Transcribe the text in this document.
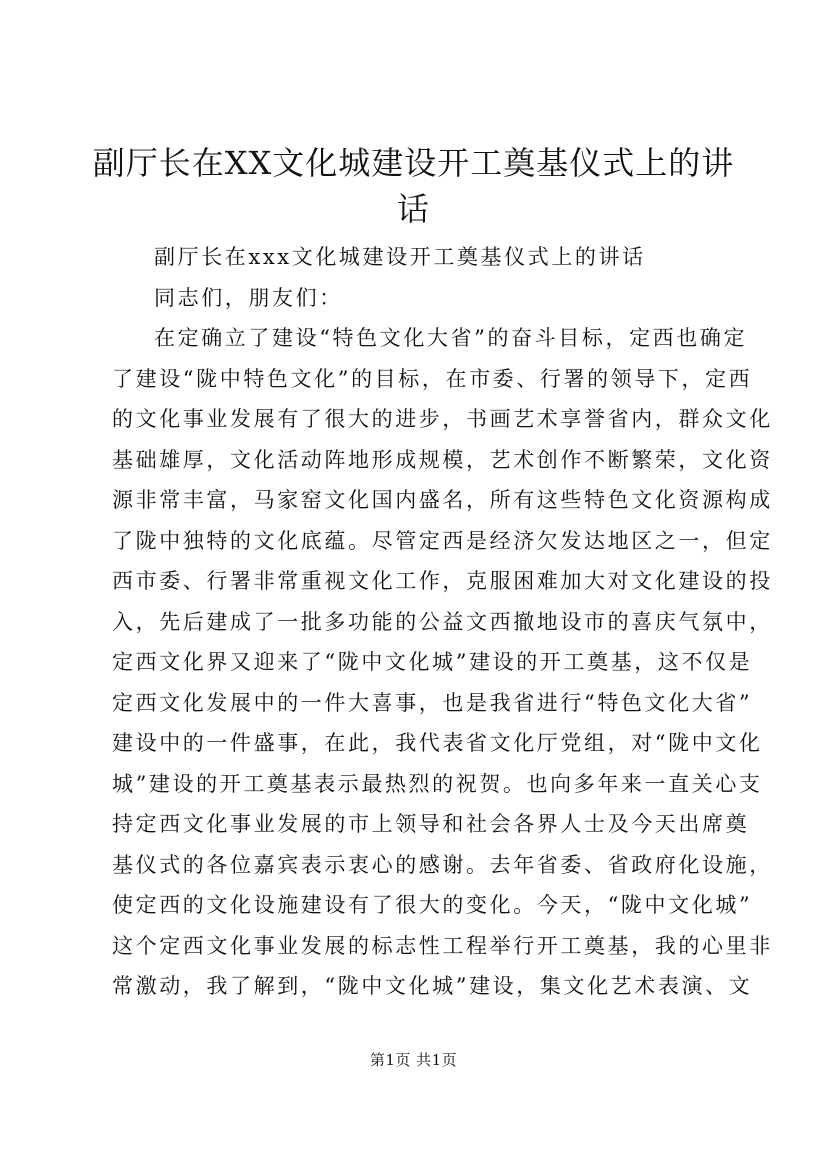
副厅长在XX文化城建设开工奠基仪式上的讲
话
副厅长在xxx文化城建设开工奠基仪式上的讲话
同志们，朋友们：
在定确立了建设“特色文化大省”的奋斗目标，定西也确定
了建设“陇中特色文化”的目标，在市委、行署的领导下，定西
的文化事业发展有了很大的进步，书画艺术享誉省内，群众文化
基础雄厚，文化活动阵地形成规模，艺术创作不断繁荣，文化资
源非常丰富，马家窑文化国内盛名，所有这些特色文化资源构成
了陇中独特的文化底蕴。尽管定西是经济欠发达地区之一，但定
西市委、行署非常重视文化工作，克服困难加大对文化建设的投
入，先后建成了一批多功能的公益文西撤地设市的喜庆气氛中，
定西文化界又迎来了“陇中文化城”建设的开工奠基，这不仅是
定西文化发展中的一件大喜事，也是我省进行“特色文化大省”
建设中的一件盛事，在此，我代表省文化厅党组，对“陇中文化
城”建设的开工奠基表示最热烈的祝贺。也向多年来一直关心支
持定西文化事业发展的市上领导和社会各界人士及今天出席奠
基仪式的各位嘉宾表示衷心的感谢。去年省委、省政府化设施，
使定西的文化设施建设有了很大的变化。今天，“陇中文化城”
这个定西文化事业发展的标志性工程举行开工奠基，我的心里非
常激动，我了解到，“陇中文化城”建设，集文化艺术表演、文
第1页 共1页
